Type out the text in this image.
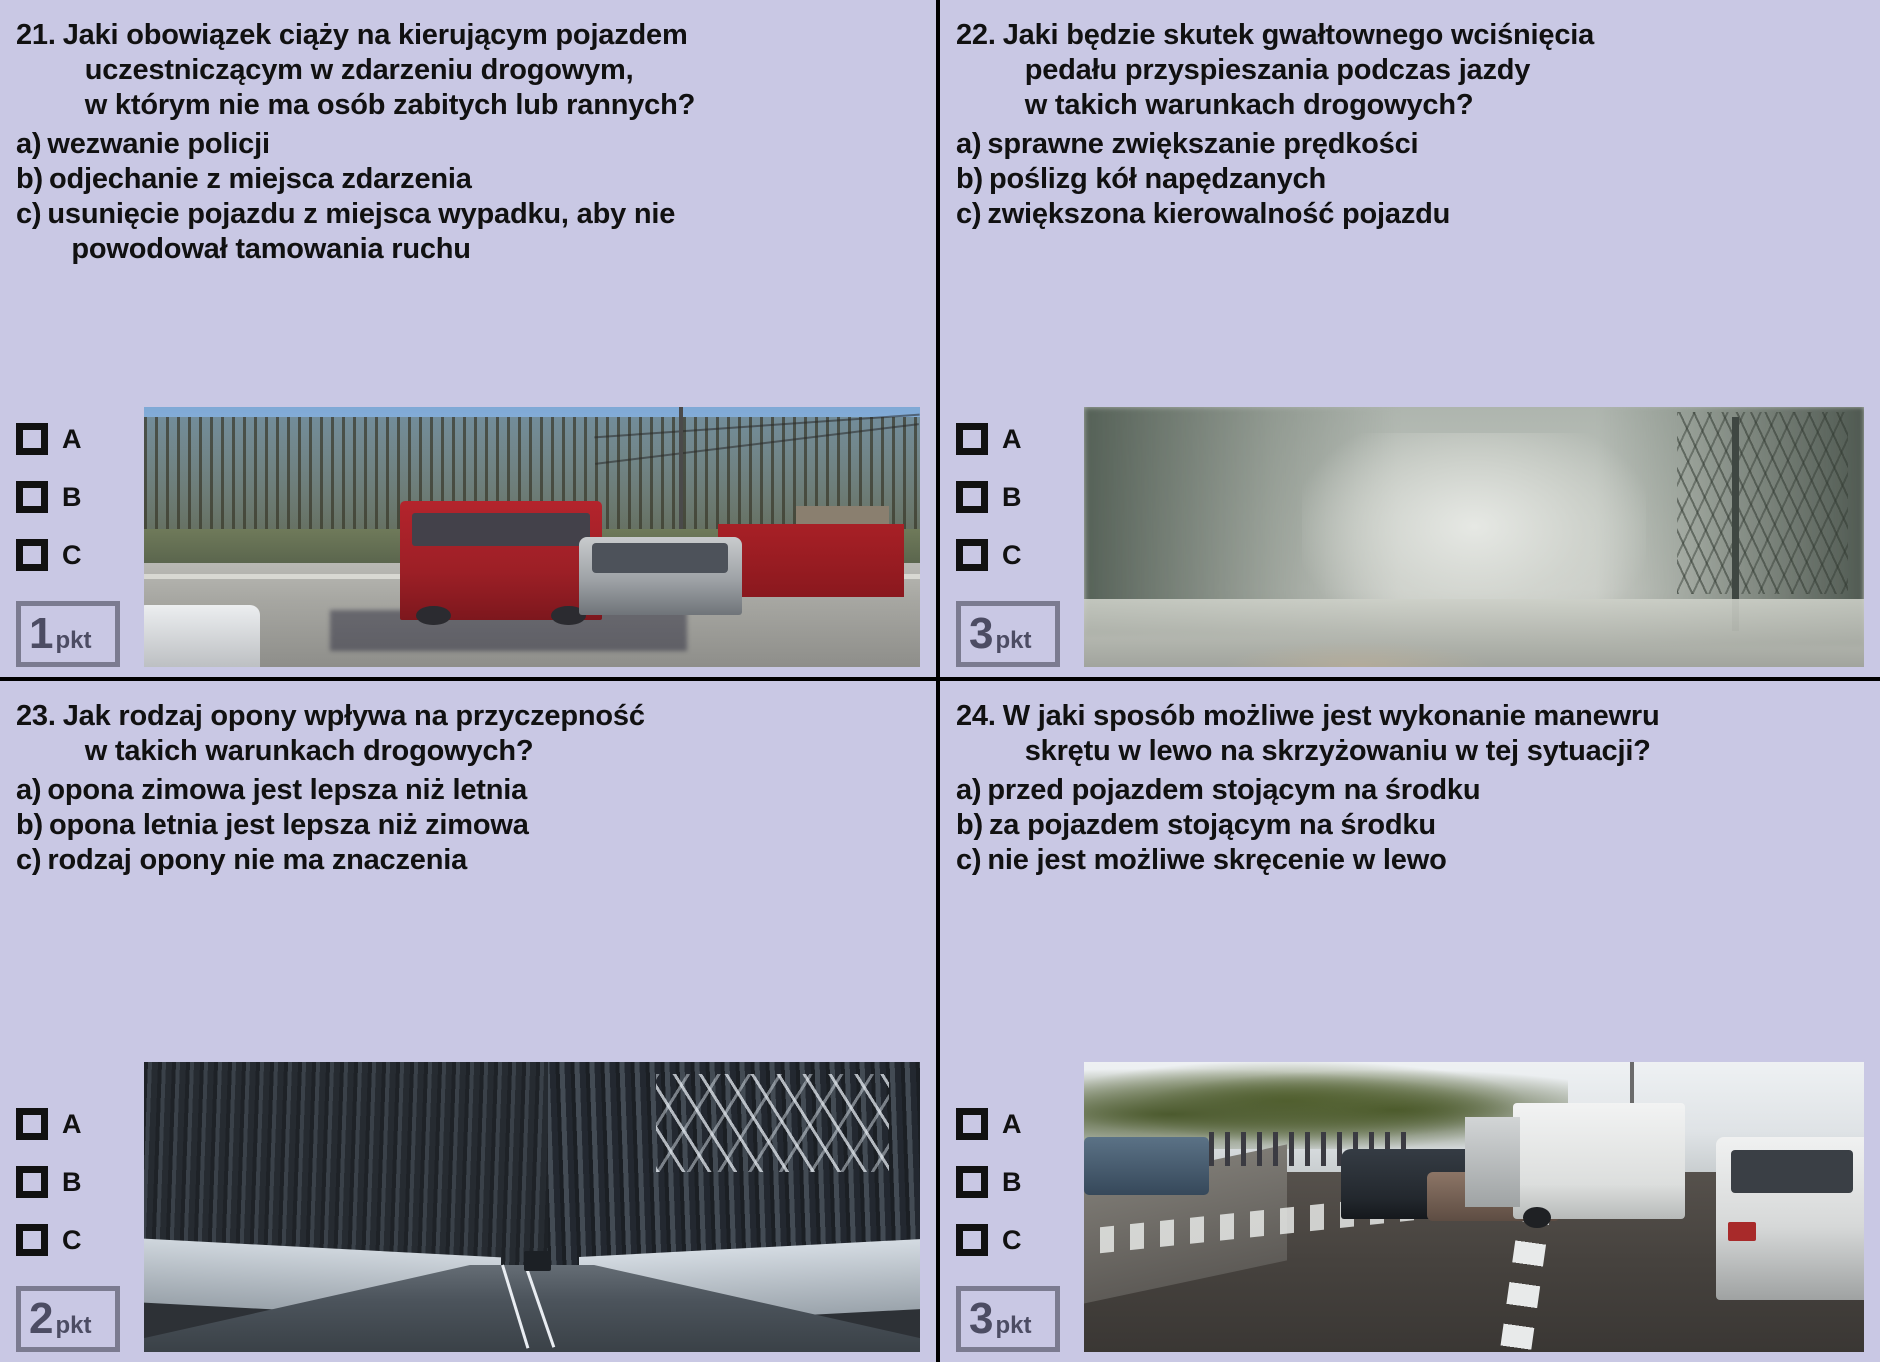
21. Jaki obowiązek ciąży na kierującym pojazdem
uczestniczącym w zdarzeniu drogowym,
w którym nie ma osób zabitych lub rannych?
a) wezwanie policji
b) odjechanie z miejsca zdarzenia
c) usunięcie pojazdu z miejsca wypadku, aby nie
powodował tamowania ruchu
A
B
C
1 pkt
22. Jaki będzie skutek gwałtownego wciśnięcia
pedału przyspieszania podczas jazdy
w takich warunkach drogowych?
a) sprawne zwiększanie prędkości
b) poślizg kół napędzanych
c) zwiększona kierowalność pojazdu
A
B
C
3 pkt
23. Jak rodzaj opony wpływa na przyczepność
w takich warunkach drogowych?
a) opona zimowa jest lepsza niż letnia
b) opona letnia jest lepsza niż zimowa
c) rodzaj opony nie ma znaczenia
A
B
C
2 pkt
24. W jaki sposób możliwe jest wykonanie manewru
skrętu w lewo na skrzyżowaniu w tej sytuacji?
a) przed pojazdem stojącym na środku
b) za pojazdem stojącym na środku
c) nie jest możliwe skręcenie w lewo
A
B
C
3 pkt
